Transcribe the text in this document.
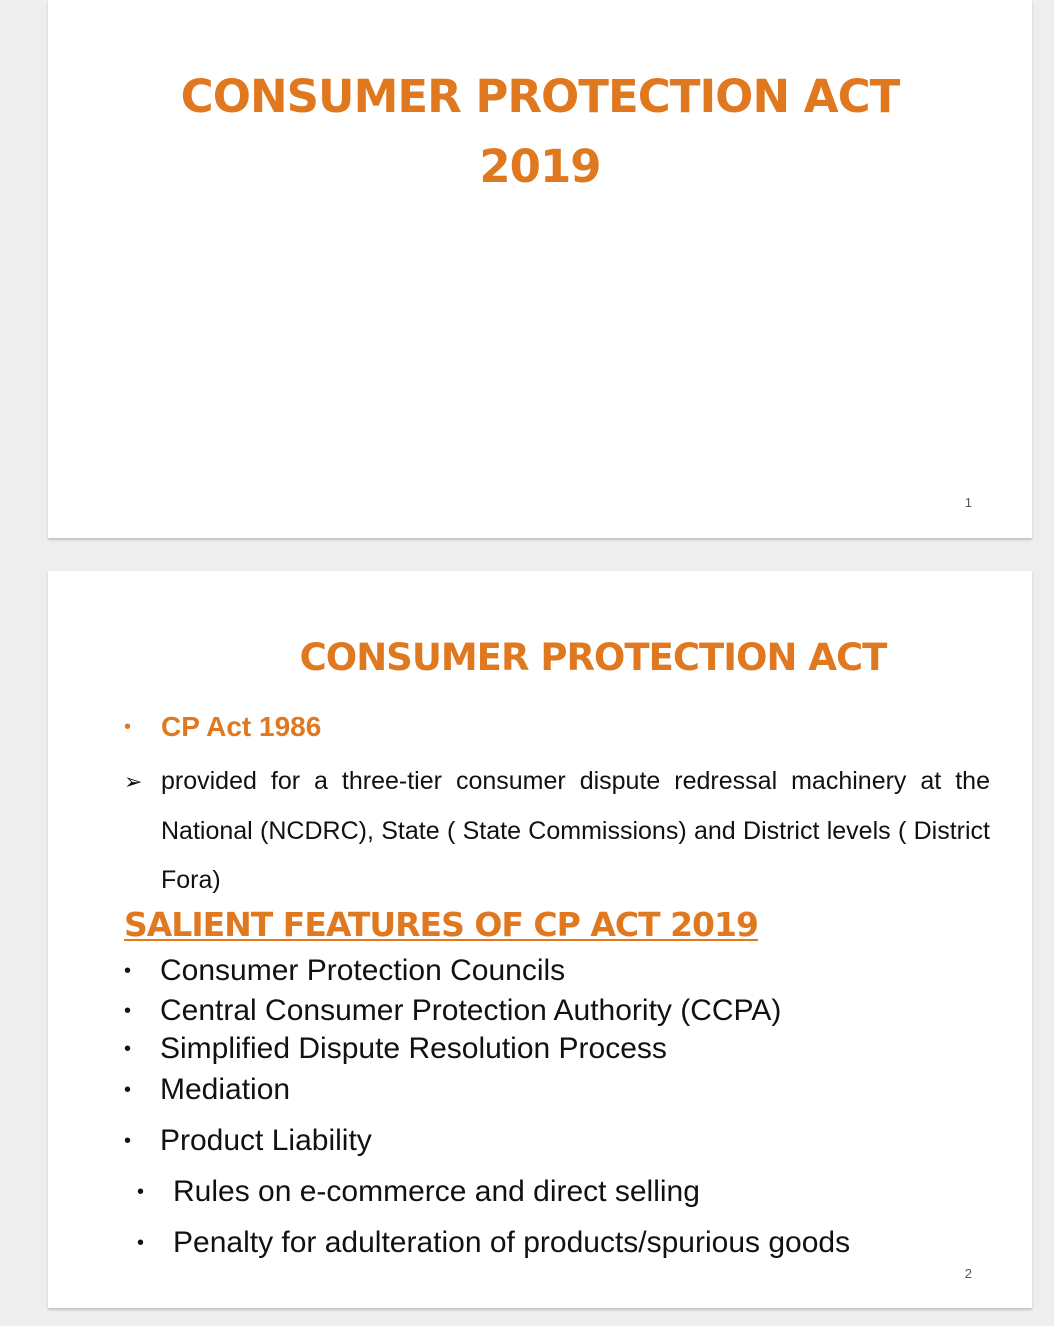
CONSUMER PROTECTION ACT
2019
1
CONSUMER PROTECTION ACT
•	CP Act 1986
➢ provided for a three-tier consumer dispute redressal machinery at the National (NCDRC), State ( State Commissions) and District levels ( District Fora)
SALIENT FEATURES OF CP ACT 2019
• Consumer Protection Councils
• Central Consumer Protection Authority (CCPA)
• Simplified Dispute Resolution Process
• Mediation
• Product Liability
• Rules on e-commerce and direct selling
• Penalty for adulteration of products/spurious goods
2
